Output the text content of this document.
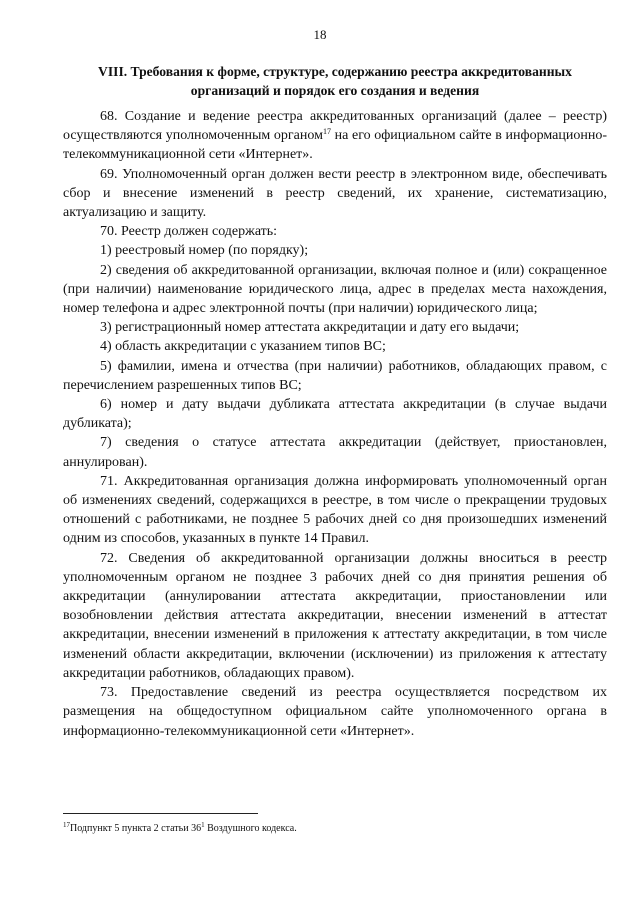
18
VIII. Требования к форме, структуре, содержанию реестра аккредитованных
организаций и порядок его создания и ведения

68. Создание и ведение реестра аккредитованных организаций (далее – реестр) осуществляются уполномоченным органом$^{17}$ на его официальном сайте в информационно-телекоммуникационной сети «Интернет».

69. Уполномоченный орган должен вести реестр в электронном виде, обеспечивать сбор и внесение изменений в реестр сведений, их хранение, систематизацию, актуализацию и защиту.

70. Реестр должен содержать:

1) реестровый номер (по порядку);

2) сведения об аккредитованной организации, включая полное и (или) сокращенное (при наличии) наименование юридического лица, адрес в пределах места нахождения, номер телефона и адрес электронной почты (при наличии) юридического лица;

3) регистрационный номер аттестата аккредитации и дату его выдачи;

4) область аккредитации с указанием типов ВС;

5) фамилии, имена и отчества (при наличии) работников, обладающих правом, с перечислением разрешенных типов ВС;

6) номер и дату выдачи дубликата аттестата аккредитации (в случае выдачи дубликата);

7) сведения о статусе аттестата аккредитации (действует, приостановлен, аннулирован).

71. Аккредитованная организация должна информировать уполномоченный орган об изменениях сведений, содержащихся в реестре, в том числе о прекращении трудовых отношений с работниками, не позднее 5 рабочих дней со дня произошедших изменений одним из способов, указанных в пункте 14 Правил.

72. Сведения об аккредитованной организации должны вноситься в реестр уполномоченным органом не позднее 3 рабочих дней со дня принятия решения об аккредитации (аннулировании аттестата аккредитации, приостановлении или возобновлении действия аттестата аккредитации, внесении изменений в аттестат аккредитации, внесении изменений в приложения к аттестату аккредитации, в том числе изменений области аккредитации, включении (исключении) из приложения к аттестату аккредитации работников, обладающих правом).

73. Предоставление сведений из реестра осуществляется посредством их размещения на общедоступном официальном сайте уполномоченного органа в информационно-телекоммуникационной сети «Интернет».

$^{17}$Подпункт 5 пункта 2 статьи $36^1$ Воздушного кодекса.
